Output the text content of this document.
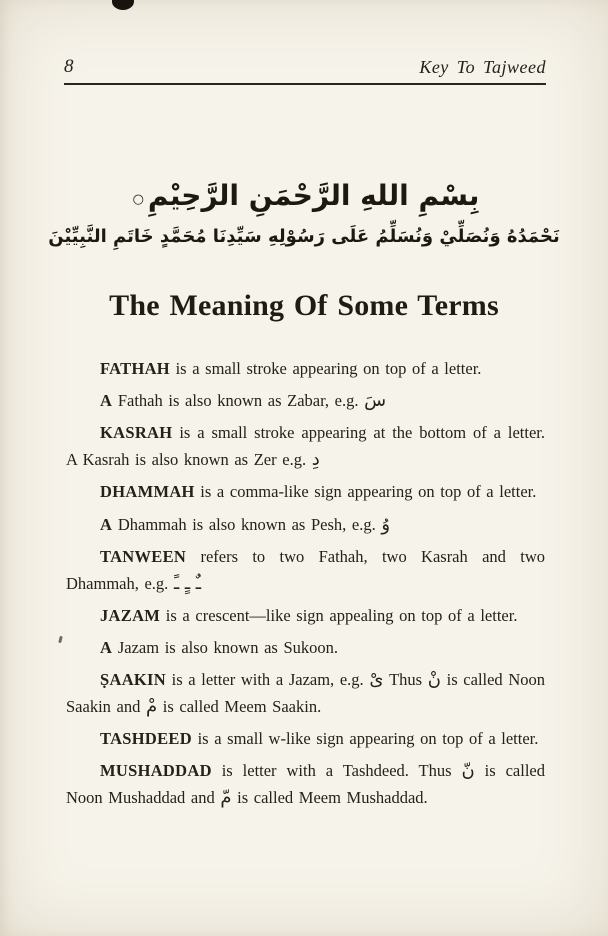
8	Key To Tajweed
بِسْمِ اللهِ الرَّحْمَنِ الرَّحِيْمِ○
نَحْمَدُهُ وَنُصَلِّيْ وَنُسَلِّمُ عَلَى رَسُوْلِهِ سَيِّدِنَا مُحَمَّدٍ خَاتَمِ النَّبِيِّيْنَ
The Meaning Of Some Terms

FATHAH is a small stroke appearing on top of a letter.

A Fathah is also known as Zabar, e.g. سَ

KASRAH is a small stroke appearing at the bottom of a letter. A Kasrah is also known as Zer e.g. دِ

DHAMMAH is a comma-like sign appearing on top of a letter.

A Dhammah is also known as Pesh, e.g. وُ

TANWEEN refers to two Fathah, two Kasrah and two Dhammah, e.g. ـٌ ـٍ ـً

JAZAM is a crescent—like sign appealing on top of a letter.

A Jazam is also known as Sukoon.

ṢAAKIN is a letter with a Jazam, e.g. ىْ Thus نْ is called Noon Saakin and مْ is called Meem Saakin.

TASHDEED is a small w-like sign appearing on top of a letter.

MUSHADDAD is letter with a Tashdeed. Thus نّ is called Noon Mushaddad and مّ is called Meem Mushaddad.
